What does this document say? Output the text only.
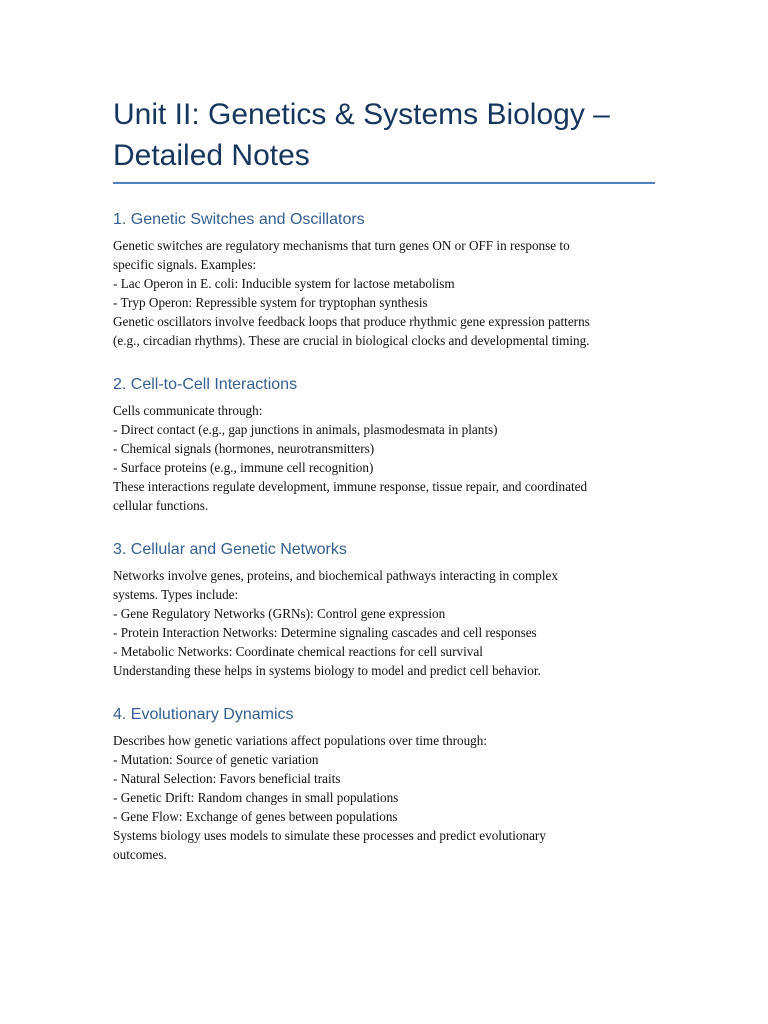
Unit II: Genetics & Systems Biology –
Detailed Notes
1. Genetic Switches and Oscillators

Genetic switches are regulatory mechanisms that turn genes ON or OFF in response to
specific signals. Examples:
- Lac Operon in E. coli: Inducible system for lactose metabolism
- Tryp Operon: Repressible system for tryptophan synthesis
Genetic oscillators involve feedback loops that produce rhythmic gene expression patterns
(e.g., circadian rhythms). These are crucial in biological clocks and developmental timing.

2. Cell-to-Cell Interactions

Cells communicate through:
- Direct contact (e.g., gap junctions in animals, plasmodesmata in plants)
- Chemical signals (hormones, neurotransmitters)
- Surface proteins (e.g., immune cell recognition)
These interactions regulate development, immune response, tissue repair, and coordinated
cellular functions.

3. Cellular and Genetic Networks

Networks involve genes, proteins, and biochemical pathways interacting in complex
systems. Types include:
- Gene Regulatory Networks (GRNs): Control gene expression
- Protein Interaction Networks: Determine signaling cascades and cell responses
- Metabolic Networks: Coordinate chemical reactions for cell survival
Understanding these helps in systems biology to model and predict cell behavior.

4. Evolutionary Dynamics

Describes how genetic variations affect populations over time through:
- Mutation: Source of genetic variation
- Natural Selection: Favors beneficial traits
- Genetic Drift: Random changes in small populations
- Gene Flow: Exchange of genes between populations
Systems biology uses models to simulate these processes and predict evolutionary
outcomes.
